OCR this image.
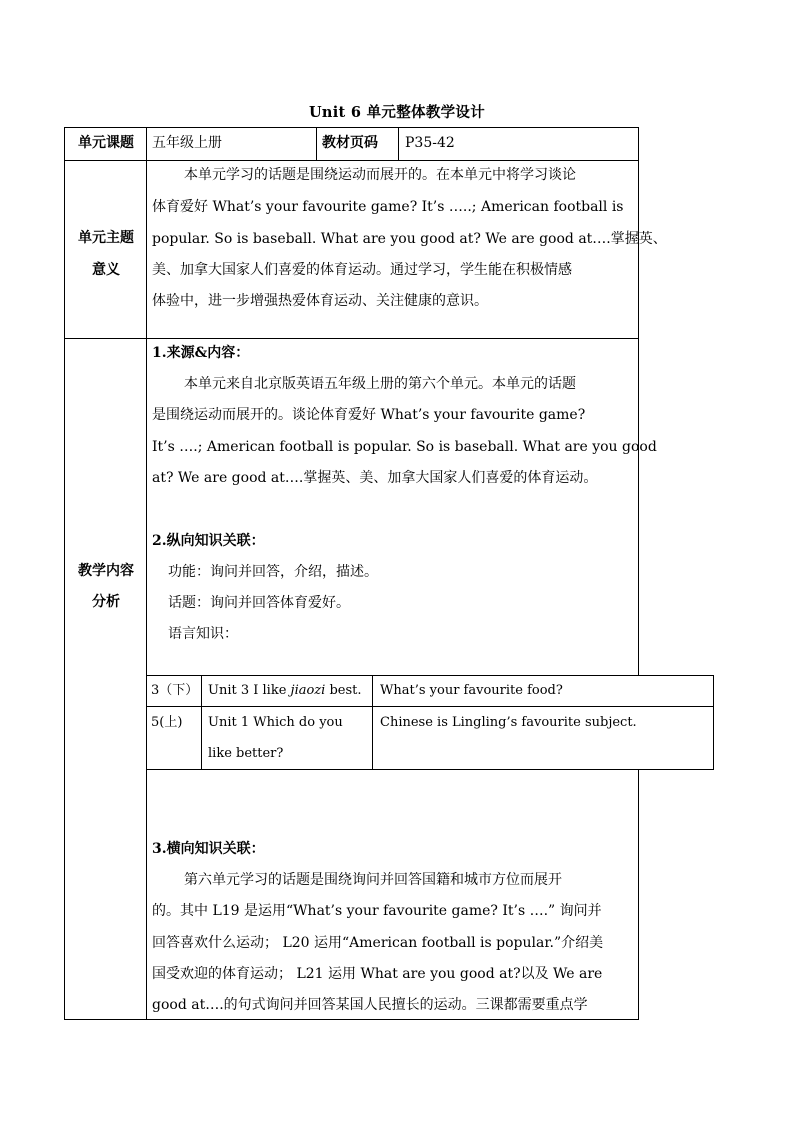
Unit 6 单元整体教学设计
单元课题	五年级上册	教材页码 P35-42
单元主题
意义
本单元学习的话题是围绕运动而展开的。在本单元中将学习谈论
体育爱好 What’s your favourite game? It’s …..; American football is
popular. So is baseball. What are you good at? We are good at….掌握英、
美、加拿大国家人们喜爱的体育运动。通过学习，学生能在积极情感
体验中，进一步增强热爱体育运动、关注健康的意识。
教学内容
分析
1.来源&内容：
本单元来自北京版英语五年级上册的第六个单元。本单元的话题
是围绕运动而展开的。谈论体育爱好 What’s your favourite game?
It’s ….; American football is popular. So is baseball. What are you good
at? We are good at….掌握英、美、加拿大国家人们喜爱的体育运动。
2.纵向知识关联：
功能：询问并回答，介绍，描述。
话题：询问并回答体育爱好。
语言知识：
3（下） Unit 3 I like jiaozi best. What’s your favourite food?
5(上) Unit 1 Which do you
like better?
Chinese is Lingling’s favourite subject.
3.横向知识关联：
第六单元学习的话题是围绕询问并回答国籍和城市方位而展开
的。其中 L19 是运用“What’s your favourite game? It’s ….” 询问并
回答喜欢什么运动； L20 运用“American football is popular.”介绍美
国受欢迎的体育运动； L21 运用 What are you good at?以及 We are
good at….的句式询问并回答某国人民擅长的运动。三课都需要重点学
